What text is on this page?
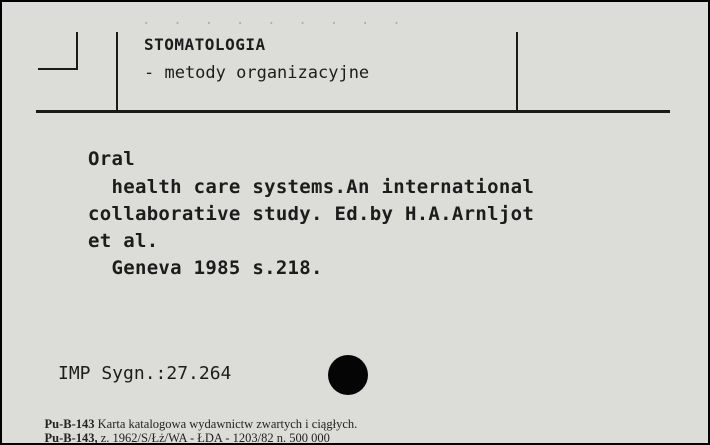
·  ·  ·  ·  ·  ·  ·  ·  ·
STOMATOLOGIA
- metody organizacyjne
Oral
health care systems.An international
collaborative study. Ed.by H.A.Arnljot
et al.
Geneva 1985 s.218.
IMP Sygn.:27.264

Pu-B-143 Karta katalogowa wydawnictw zwartych i ciągłych.

Pu-B-143, z. 1962/S/Łż/WA - ŁDA - 1203/82 n. 500 000
